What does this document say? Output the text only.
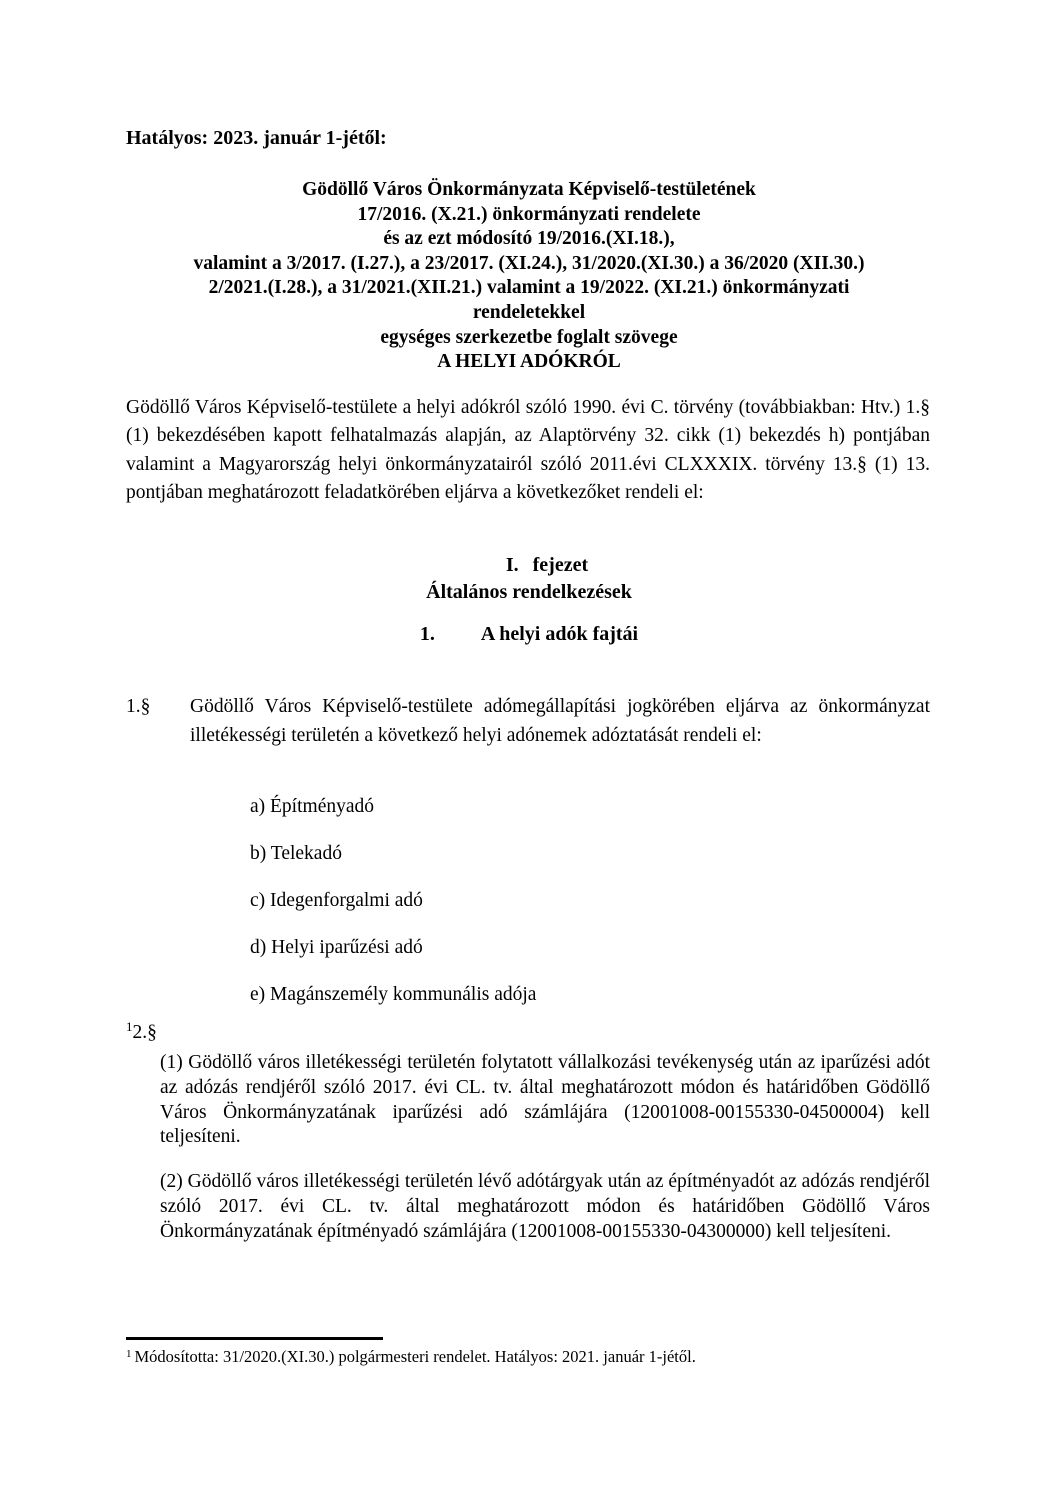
Hatályos: 2023. január 1-jétől:
Gödöllő Város Önkormányzata Képviselő-testületének
17/2016. (X.21.) önkormányzati rendelete
és az ezt módosító 19/2016.(XI.18.),
valamint a 3/2017. (I.27.), a 23/2017. (XI.24.), 31/2020.(XI.30.) a 36/2020 (XII.30.)
2/2021.(I.28.), a 31/2021.(XII.21.) valamint a 19/2022. (XI.21.) önkormányzati
rendeletekkel
egységes szerkezetbe foglalt szövege
A HELYI ADÓKRÓL
Gödöllő Város Képviselő-testülete a helyi adókról szóló 1990. évi C. törvény (továbbiakban: Htv.) 1.§ (1) bekezdésében kapott felhatalmazás alapján, az Alaptörvény 32. cikk (1) bekezdés h) pontjában valamint a Magyarország helyi önkormányzatairól szóló 2011.évi CLXXXIX. törvény 13.§ (1) 13. pontjában meghatározott feladatkörében eljárva a következőket rendeli el:
I. fejezet
Általános rendelkezések
1. A helyi adók fajtái
1.§ Gödöllő Város Képviselő-testülete adómegállapítási jogkörében eljárva az önkormányzat illetékességi területén a következő helyi adónemek adóztatását rendeli el:
a) Építményadó
b) Telekadó
c) Idegenforgalmi adó
d) Helyi iparűzési adó
e) Magánszemély kommunális adója
$^1$2.§
(1) Gödöllő város illetékességi területén folytatott vállalkozási tevékenység után az iparűzési adót az adózás rendjéről szóló 2017. évi CL. tv. által meghatározott módon és határidőben Gödöllő Város Önkormányzatának iparűzési adó számlájára (12001008-00155330-04500004) kell teljesíteni.
(2) Gödöllő város illetékességi területén lévő adótárgyak után az építményadót az adózás rendjéről szóló 2017. évi CL. tv. által meghatározott módon és határidőben Gödöllő Város Önkormányzatának építményadó számlájára (12001008-00155330-04300000) kell teljesíteni.
$^1$ Módosította: 31/2020.(XI.30.) polgármesteri rendelet. Hatályos: 2021. január 1-jétől.
